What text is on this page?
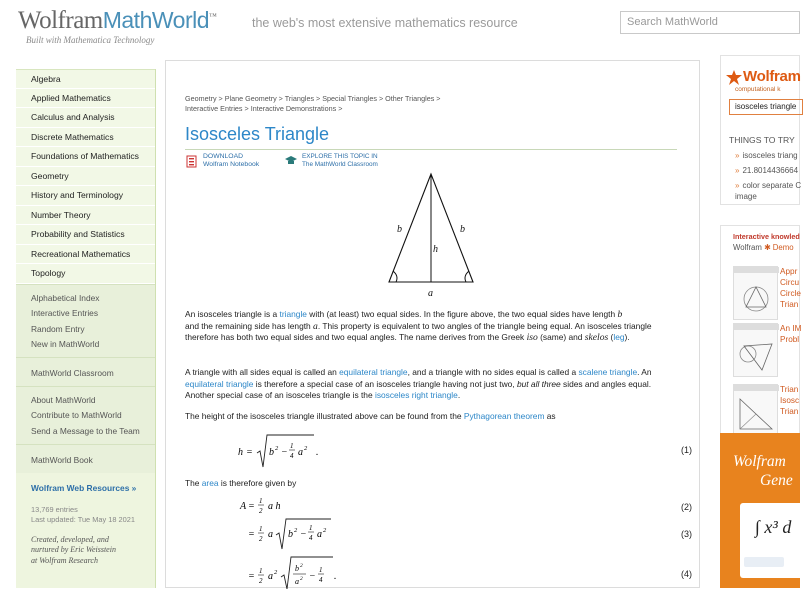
WolframMathWorld™
Built with Mathematica Technology
the web's most extensive mathematics resource	Search MathWorld
Algebra
Applied Mathematics
Calculus and Analysis
Discrete Mathematics
Foundations of Mathematics
Geometry
History and Terminology
Number Theory
Probability and Statistics
Recreational Mathematics
Topology
Alphabetical Index
Interactive Entries
Random Entry
New in MathWorld
MathWorld Classroom
About MathWorld
Contribute to MathWorld
Send a Message to the Team
MathWorld Book
Wolfram Web Resources »
13,769 entries
Last updated: Tue May 18 2021
Created, developed, and
nurtured by Eric Weisstein
at Wolfram Research
Geometry > Plane Geometry > Triangles > Special Triangles > Other Triangles >
Interactive Entries > Interactive Demonstrations >
Isosceles Triangle
DOWNLOAD
Wolfram Notebook
EXPLORE THIS TOPIC IN
The MathWorld Classroom
b	b
h
a
An isosceles triangle is a triangle with (at least) two equal sides. In the figure above, the two equal sides have length b
and the remaining side has length a. This property is equivalent to two angles of the triangle being equal. An isosceles triangle therefore has both two equal sides and two equal angles. The name derives from the Greek iso (same) and skelos (leg).
A triangle with all sides equal is called an equilateral triangle, and a triangle with no sides equal is called a scalene triangle. An equilateral triangle is therefore a special case of an isosceles triangle having not just two, but all three sides and angles equal. Another special case of an isosceles triangle is the isosceles right triangle.
The height of the isosceles triangle illustrated above can be found from the Pythagorean theorem as
h = b 2 −
1
4 a 2 .	(1)
The area is therefore given by
A = 1
2 a h
= 1
2 a b 2 −
1
4 a 2
= 1
2 a 2 b 2
a 2 −
1
4 .
(2)
(3)
(4)
Wolfram
computational k
isosceles triangle
THINGS TO TRY
» isosceles triang
» 21.8014436664
» color separate C
image
Interactive knowled
Wolfram ✱ Demo
Appr
Circu
Circle
Trian
An IM
Probl
Trian
Isosc
Trian
Wolfram
Gene
∫ x³ d
